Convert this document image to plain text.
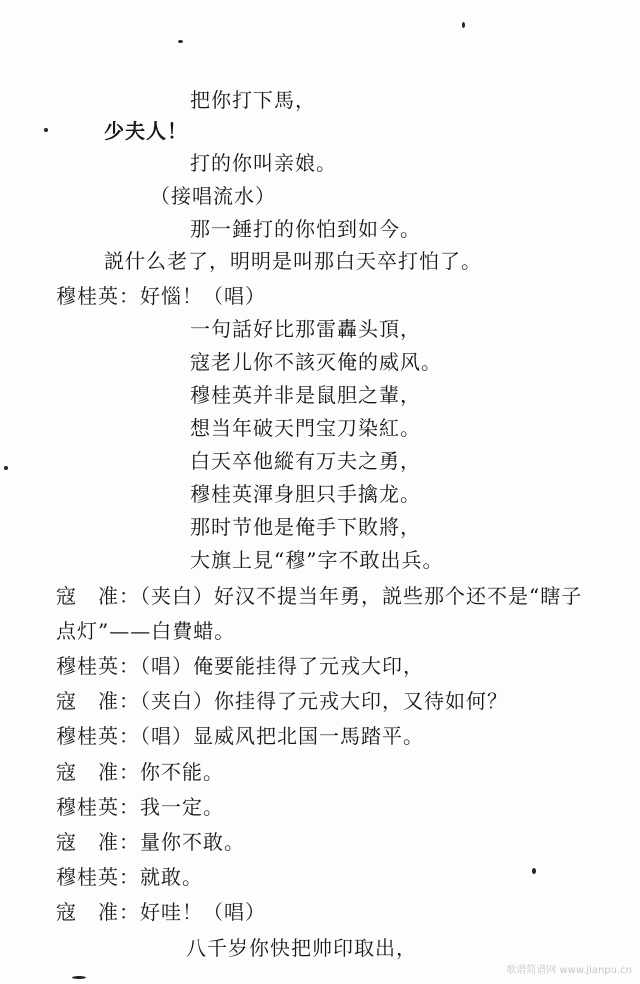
把你打下馬，
少夫人！
打的你叫亲娘。
（接唱流水）
那一錘打的你怕到如今。
説什么老了，明明是叫那白天卒打怕了。
穆桂英：好惱！（唱）
一句話好比那雷轟头頂，
寇老儿你不該灭俺的威风。
穆桂英并非是鼠胆之輩，
想当年破天門宝刀染紅。
白天卒他縱有万夫之勇，
穆桂英渾身胆只手擒龙。
那时节他是俺手下敗將，
大旗上見“穆”字不敢出兵。
寇　准：（夹白）好汉不提当年勇，説些那个还不是“瞎子
点灯”——白費蜡。
穆桂英：（唱）俺要能挂得了元戎大印，
寇　准：（夹白）你挂得了元戎大印，又待如何？
穆桂英：（唱）显威风把北国一馬踏平。
寇　准：你不能。
穆桂英：我一定。
寇　准：量你不敢。
穆桂英：就敢。
寇　准：好哇！（唱）
八千岁你快把帅印取出，
歌谱简谱网 www.jianpu.cn
